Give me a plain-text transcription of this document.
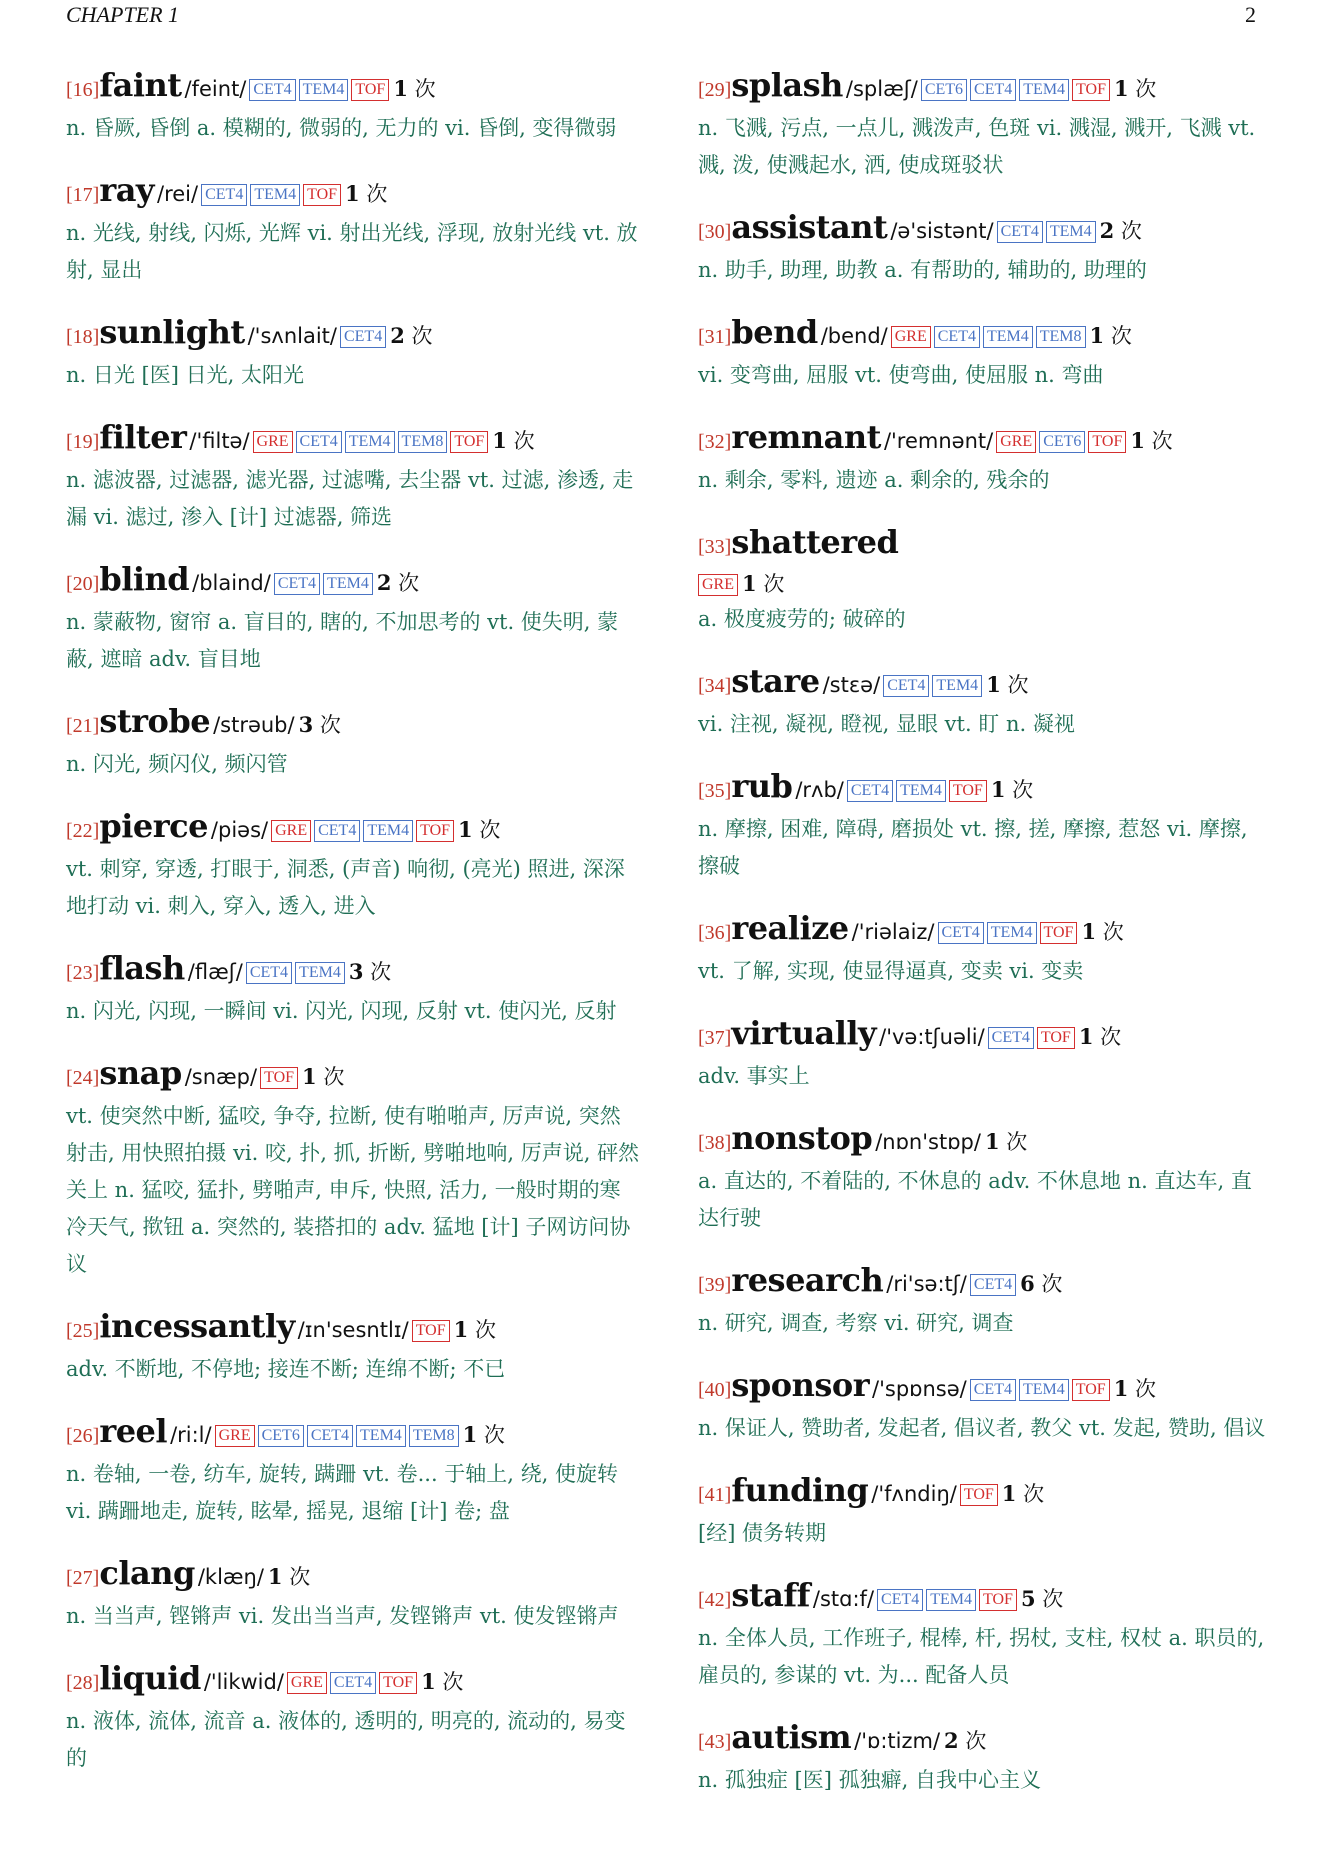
CHAPTER 1	2
[16]faint /feint/ CET4 TEM4 TOF 1 次
n. 昏厥, 昏倒 a. 模糊的, 微弱的, 无力的 vi. 昏倒, 变得微弱
[17]ray /rei/ CET4 TEM4 TOF 1 次
n. 光线, 射线, 闪烁, 光辉 vi. 射出光线, 浮现, 放射光线 vt. 放射, 显出
[18]sunlight /'sʌnlait/ CET4 2 次
n. 日光 [医] 日光, 太阳光
[19]filter /'filtə/ GRE CET4 TEM4 TEM8 TOF 1 次
n. 滤波器, 过滤器, 滤光器, 过滤嘴, 去尘器 vt. 过滤, 渗透, 走漏 vi. 滤过, 渗入 [计] 过滤器, 筛选
[20]blind /blaind/ CET4 TEM4 2 次
n. 蒙蔽物, 窗帘 a. 盲目的, 瞎的, 不加思考的 vt. 使失明, 蒙蔽, 遮暗 adv. 盲目地
[21]strobe /strəub/ 3 次
n. 闪光, 频闪仪, 频闪管
[22]pierce /piəs/ GRE CET4 TEM4 TOF 1 次
vt. 刺穿, 穿透, 打眼于, 洞悉, (声音) 响彻, (亮光) 照进, 深深地打动 vi. 刺入, 穿入, 透入, 进入
[23]flash /flæʃ/ CET4 TEM4 3 次
n. 闪光, 闪现, 一瞬间 vi. 闪光, 闪现, 反射 vt. 使闪光, 反射
[24]snap /snæp/ TOF 1 次
vt. 使突然中断, 猛咬, 争夺, 拉断, 使有啪啪声, 厉声说, 突然射击, 用快照拍摄 vi. 咬, 扑, 抓, 折断, 劈啪地响, 厉声说, 砰然关上 n. 猛咬, 猛扑, 劈啪声, 申斥, 快照, 活力, 一般时期的寒冷天气, 揿钮 a. 突然的, 装搭扣的 adv. 猛地 [计] 子网访问协议
[25]incessantly /ɪn'sesntlɪ/ TOF 1 次
adv. 不断地, 不停地; 接连不断; 连绵不断; 不已
[26]reel /ri:l/ GRE CET6 CET4 TEM4 TEM8 1 次
n. 卷轴, 一卷, 纺车, 旋转, 蹒跚 vt. 卷... 于轴上, 绕, 使旋转 vi. 蹒跚地走, 旋转, 眩晕, 摇晃, 退缩 [计] 卷; 盘
[27]clang /klæŋ/ 1 次
n. 当当声, 铿锵声 vi. 发出当当声, 发铿锵声 vt. 使发铿锵声
[28]liquid /'likwid/ GRE CET4 TOF 1 次
n. 液体, 流体, 流音 a. 液体的, 透明的, 明亮的, 流动的, 易变的
[29]splash /splæʃ/ CET6 CET4 TEM4 TOF 1 次
n. 飞溅, 污点, 一点儿, 溅泼声, 色斑 vi. 溅湿, 溅开, 飞溅 vt. 溅, 泼, 使溅起水, 洒, 使成斑驳状
[30]assistant /ə'sistənt/ CET4 TEM4 2 次
n. 助手, 助理, 助教 a. 有帮助的, 辅助的, 助理的
[31]bend /bend/ GRE CET4 TEM4 TEM8 1 次
vi. 变弯曲, 屈服 vt. 使弯曲, 使屈服 n. 弯曲
[32]remnant /'remnənt/ GRE CET6 TOF 1 次
n. 剩余, 零料, 遗迹 a. 剩余的, 残余的
[33]shattered
GRE 1 次
a. 极度疲劳的; 破碎的
[34]stare /stɛə/ CET4 TEM4 1 次
vi. 注视, 凝视, 瞪视, 显眼 vt. 盯 n. 凝视
[35]rub /rʌb/ CET4 TEM4 TOF 1 次
n. 摩擦, 困难, 障碍, 磨损处 vt. 擦, 搓, 摩擦, 惹怒 vi. 摩擦, 擦破
[36]realize /'riəlaiz/ CET4 TEM4 TOF 1 次
vt. 了解, 实现, 使显得逼真, 变卖 vi. 变卖
[37]virtually /'və:tʃuəli/ CET4 TOF 1 次
adv. 事实上
[38]nonstop /nɒn'stɒp/ 1 次
a. 直达的, 不着陆的, 不休息的 adv. 不休息地 n. 直达车, 直达行驶
[39]research /ri'sə:tʃ/ CET4 6 次
n. 研究, 调查, 考察 vi. 研究, 调查
[40]sponsor /'spɒnsə/ CET4 TEM4 TOF 1 次
n. 保证人, 赞助者, 发起者, 倡议者, 教父 vt. 发起, 赞助, 倡议
[41]funding /'fʌndiŋ/ TOF 1 次
[经] 债务转期
[42]staff /stɑ:f/ CET4 TEM4 TOF 5 次
n. 全体人员, 工作班子, 棍棒, 杆, 拐杖, 支柱, 权杖 a. 职员的, 雇员的, 参谋的 vt. 为... 配备人员
[43]autism /'ɒ:tizm/ 2 次
n. 孤独症 [医] 孤独癖, 自我中心主义
